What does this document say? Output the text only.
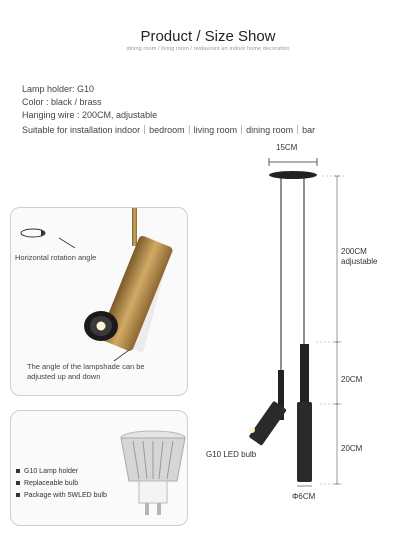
Product / Size Show
dining room / living room / restaurant art indoor home decoration
Lamp holder: G10
Color : black / brass
Hanging wire : 200CM, adjustable
Suitable for installation indoor｜bedroom｜living room｜dining room｜bar
Horizontal rotation angle
The angle of the lampshade can be adjusted up and down
G10 Lamp holder
Replaceable bulb
Package with 5WLED bulb
15CM
200CM
adjustable
20CM
20CM
G10 LED bulb
Φ6CM
